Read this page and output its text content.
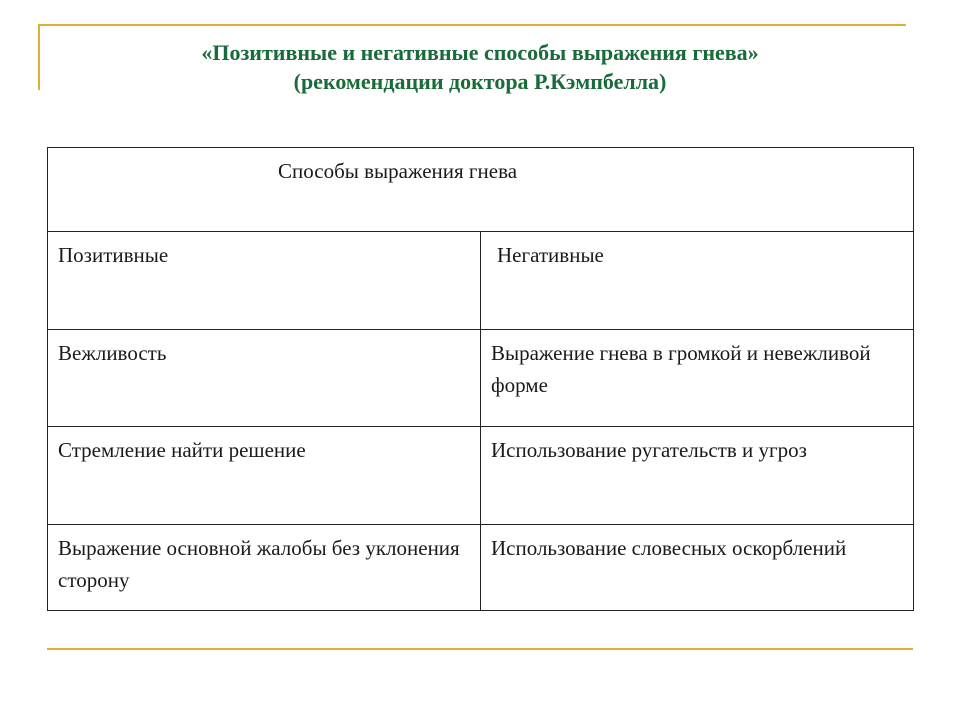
«Позитивные и негативные способы выражения гнева»
(рекомендации доктора Р.Кэмпбелла)
Способы выражения гнева	
Позитивные	Негативные
Вежливость	Выражение гнева в громкой и невежливой форме
Стремление найти решение	Использование ругательств и угроз
Выражение основной жалобы без уклонения сторону	Использование словесных оскорблений
